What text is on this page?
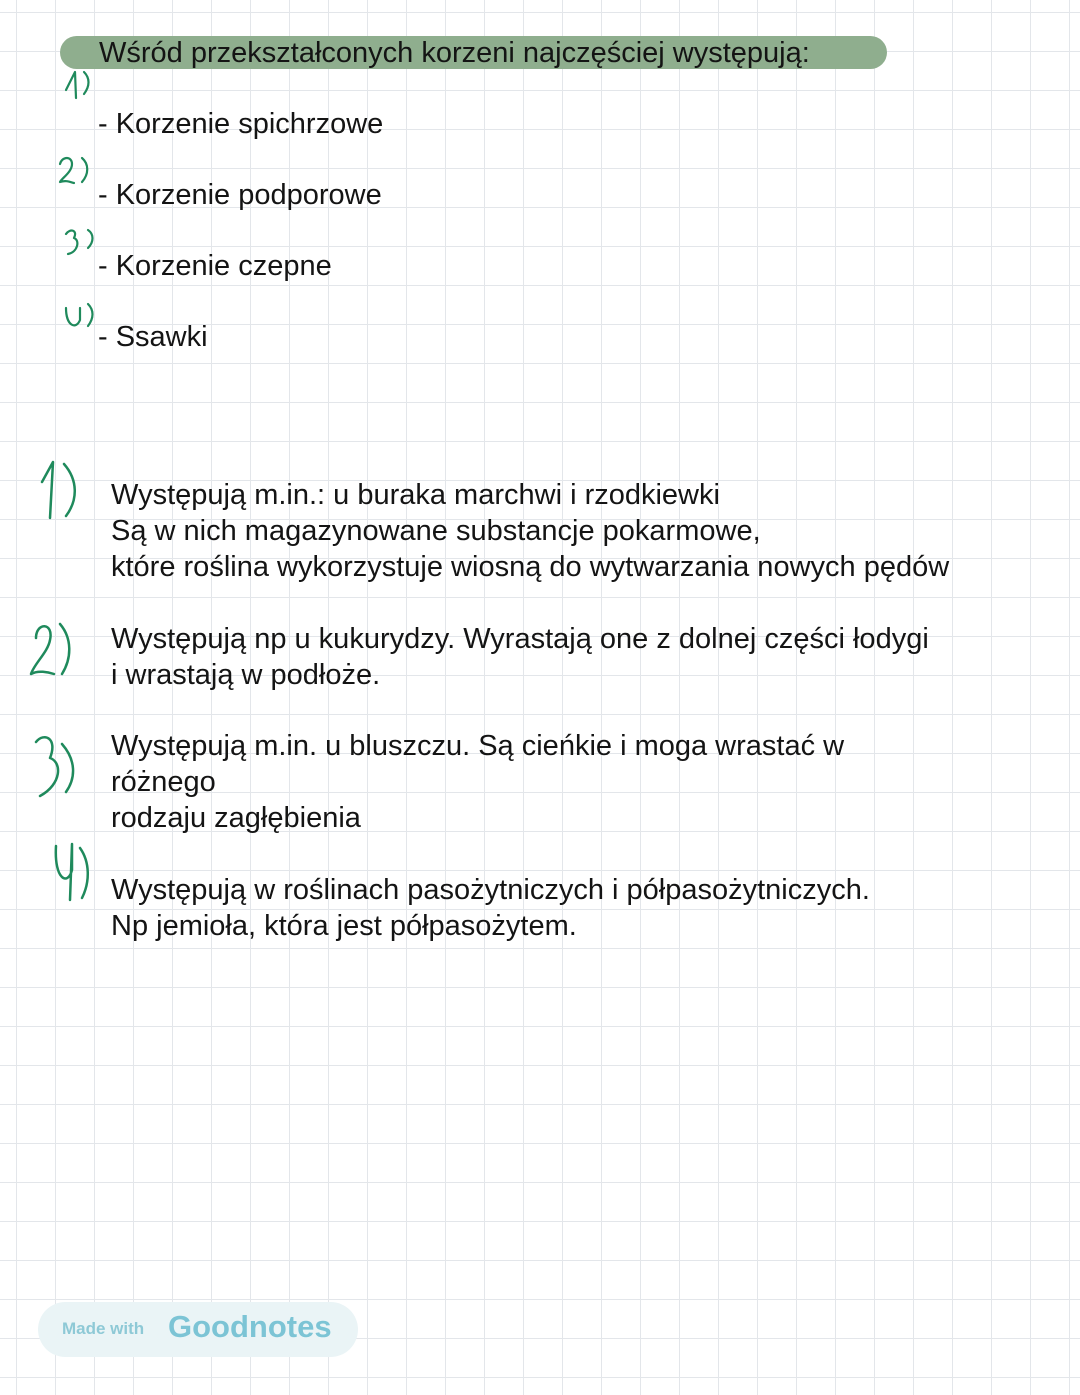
Wśród przekształconych korzeni najczęściej występują:
- Korzenie spichrzowe
- Korzenie podporowe
- Korzenie czepne
- Ssawki
Występują m.in.: u buraka marchwi i rzodkiewki
Są w nich magazynowane substancje pokarmowe,
które roślina wykorzystuje wiosną do wytwarzania nowych pędów
Występują np u kukurydzy. Wyrastają one z dolnej części łodygi
i wrastają w podłoże.
Występują m.in. u bluszczu. Są cieńkie i moga wrastać w
różnego
rodzaju zagłębienia
Występują w roślinach pasożytniczych i półpasożytniczych.
Np jemioła, która jest półpasożytem.
Made with Goodnotes
